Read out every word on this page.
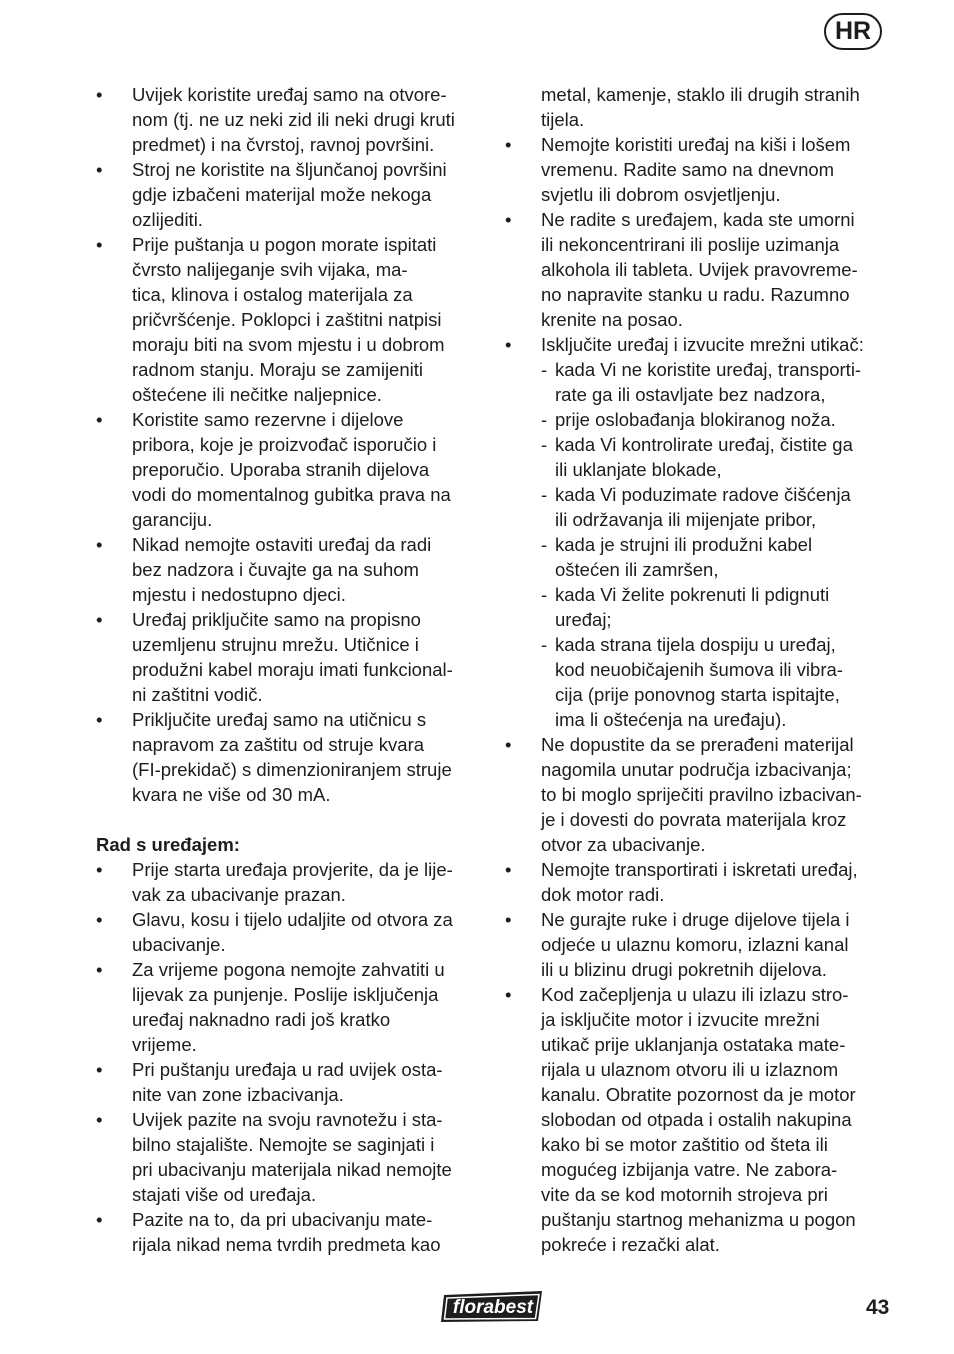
HR
• Uvijek koristite uređaj samo na otvore-
nom (tj. ne uz neki zid ili neki drugi kruti
predmet) i na čvrstoj, ravnoj površini.

• Stroj ne koristite na šljunčanoj površini
gdje izbačeni materijal može nekoga
ozlijediti.

• Prije puštanja u pogon morate ispitati
čvrsto nalijeganje svih vijaka, ma-
tica, klinova i ostalog materijala za
pričvršćenje. Poklopci i zaštitni natpisi
moraju biti na svom mjestu i u dobrom
radnom stanju. Moraju se zamijeniti
oštećene ili nečitke naljepnice.

• Koristite samo rezervne i dijelove
pribora, koje je proizvođač isporučio i
preporučio. Uporaba stranih dijelova
vodi do momentalnog gubitka prava na
garanciju.

• Nikad nemojte ostaviti uređaj da radi
bez nadzora i čuvajte ga na suhom
mjestu i nedostupno djeci.

• Uređaj priključite samo na propisno
uzemljenu strujnu mrežu. Utičnice i
produžni kabel moraju imati funkcional-
ni zaštitni vodič.

• Priključite uređaj samo na utičnicu s
napravom za zaštitu od struje kvara
(FI-prekidač) s dimenzioniranjem struje
kvara ne više od 30 mA.

Rad s uređajem:
• Prije starta uređaja provjerite, da je lije-
vak za ubacivanje prazan.

• Glavu, kosu i tijelo udaljite od otvora za
ubacivanje.

• Za vrijeme pogona nemojte zahvatiti u
lijevak za punjenje. Poslije isključenja
uređaj naknadno radi još kratko
vrijeme.

• Pri puštanju uređaja u rad uvijek osta-
nite van zone izbacivanja.

• Uvijek pazite na svoju ravnotežu i sta-
bilno stajalište. Nemojte se saginjati i
pri ubacivanju materijala nikad nemojte
stajati više od uređaja.

• Pazite na to, da pri ubacivanju mate-
rijala nikad nema tvrdih predmeta kao

metal, kamenje, staklo ili drugih stranih
tijela.
• Nemojte koristiti uređaj na kiši i lošem
vremenu. Radite samo na dnevnom
svjetlu ili dobrom osvjetljenju.

• Ne radite s uređajem, kada ste umorni
ili nekoncentrirani ili poslije uzimanja
alkohola ili tableta. Uvijek pravovreme-
no napravite stanku u radu. Razumno
krenite na posao.

• Isključite uređaj i izvucite mrežni utikač:

- kada Vi ne koristite uređaj, transporti-
rate ga ili ostavljate bez nadzora,
- prije oslobađanja blokiranog noža.
- kada Vi kontrolirate uređaj, čistite ga
ili uklanjate blokade,
- kada Vi poduzimate radove čišćenja
ili održavanja ili mijenjate pribor,
- kada je strujni ili produžni kabel
oštećen ili zamršen,
- kada Vi želite pokrenuti li pdignuti
uređaj;
- kada strana tijela dospiju u uređaj,
kod neuobičajenih šumova ili vibra-
cija (prije ponovnog starta ispitajte,
ima li oštećenja na uređaju).
• Ne dopustite da se prerađeni materijal
nagomila unutar područja izbacivanja;
to bi moglo spriječiti pravilno izbacivan-
je i dovesti do povrata materijala kroz
otvor za ubacivanje.

• Nemojte transportirati i iskretati uređaj,
dok motor radi.

• Ne gurajte ruke i druge dijelove tijela i
odjeće u ulaznu komoru, izlazni kanal
ili u blizinu drugi pokretnih dijelova.

• Kod začepljenja u ulazu ili izlazu stro-
ja isključite motor i izvucite mrežni
utikač prije uklanjanja ostataka mate-
rijala u ulaznom otvoru ili u izlaznom
kanalu. Obratite pozornost da je motor
slobodan od otpada i ostalih nakupina
kako bi se motor zaštitio od šteta ili
mogućeg izbijanja vatre. Ne zabora-
vite da se kod motornih strojeva pri
puštanju startnog mehanizma u pogon
pokreće i rezački alat.

florabest	43
